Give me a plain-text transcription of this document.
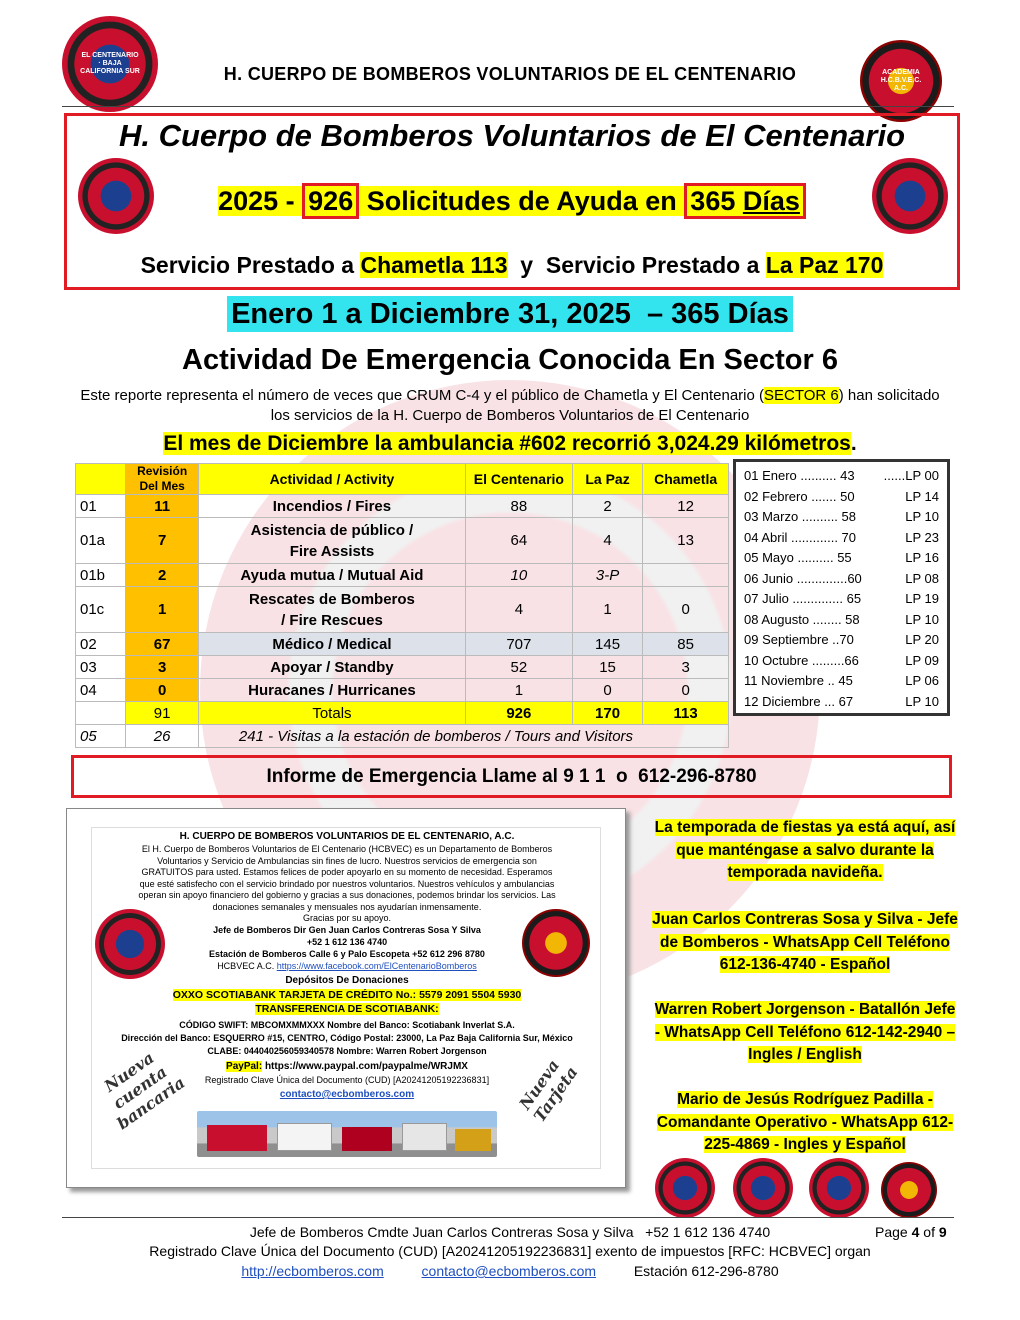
EL CENTENARIO · BAJA CALIFORNIA SUR	H. CUERPO DE BOMBEROS VOLUNTARIOS DE EL CENTENARIO	ACADEMIA H.C.B.V.E.C. A.C.
H. Cuerpo de Bomberos Voluntarios de El Centenario

2025 - 926 Solicitudes de Ayuda en 365 Días
Servicio Prestado a Chametla 113  y  Servicio Prestado a La Paz 170
Enero 1 a Diciembre 31, 2025  – 365 Días
Actividad De Emergencia Conocida En Sector 6
Este reporte representa el número de veces que CRUM C-4 y el público de Chametla y El Centenario (SECTOR 6) han solicitado los servicios de la H. Cuerpo de Bomberos Voluntarios de El Centenario
El mes de Diciembre la ambulancia #602 recorrió 3,024.29 kilómetros.
	Revisión Del Mes	Actividad / Activity	El Centenario	La Paz	Chametla
01	11	Incendios / Fires	88	2	12
01a	7	Asistencia de público / Fire Assists	64	4	13
01b	2	Ayuda mutua / Mutual Aid	10	3-P	
01c	1	Rescates de Bomberos / Fire Rescues	4	1	0
02	67	Médico / Medical	707	145	85
03	3	Apoyar / Standby	52	15	3
04	0	Huracanes / Hurricanes	1	0	0
	91	Totals	926	170	113
05	26	241 - Visitas a la estación de bomberos / Tours and Visitors			
01 Enero .......... 43 ......LP 00
02 Febrero ....... 50	LP 14
03 Marzo .......... 58	LP 10
04 Abril ............. 70	LP 23
05 Mayo .......... 55	LP 16
06 Junio ..............60	LP 08
07 Julio .............. 65	LP 19
08 Augusto ........ 58	LP 10
09 Septiembre ..70	LP 20
10 Octubre .........66	LP 09
11 Noviembre .. 45	LP 06
12 Diciembre ... 67	LP 10
Informe de Emergencia Llame al 9 1 1  o  612-296-8780
H. CUERPO DE BOMBEROS VOLUNTARIOS DE EL CENTENARIO, A.C.
El H. Cuerpo de Bomberos Voluntarios de El Centenario (HCBVEC) es un Departamento de Bomberos Voluntarios y Servicio de Ambulancias sin fines de lucro. Nuestros servicios de emergencia son GRATUITOS para usted. Estamos felices de poder apoyarlo en su momento de necesidad. Esperamos que esté satisfecho con el servicio brindado por nuestros voluntarios. Nuestros vehículos y ambulancias operan sin apoyo financiero del gobierno y gracias a sus donaciones, podemos brindar los servicios. Las donaciones semanales y mensuales nos ayudarían inmensamente.
Gracias por su apoyo.
Jefe de Bomberos Dir Gen Juan Carlos Contreras Sosa Y Silva
+52 1 612 136 4740
Estación de Bomberos Calle 6 y Palo Escopeta +52 612 296 8780
HCBVEC A.C. https://www.facebook.com/ElCentenarioBomberos
Depósitos De Donaciones
OXXO SCOTIABANK TARJETA DE CRÉDITO No.: 5579 2091 5504 5930
TRANSFERENCIA DE SCOTIABANK:
CÓDIGO SWIFT: MBCOMXMMXXX Nombre del Banco: Scotiabank Inverlat S.A.
Dirección del Banco: ESQUERRO #15, CENTRO, Código Postal: 23000, La Paz Baja California Sur, México
CLABE: 044040256059340578 Nombre: Warren Robert Jorgenson
PayPal: https://www.paypal.com/paypalme/WRJMX
Registrado Clave Única del Documento (CUD) [A20241205192236831]
contacto@ecbomberos.com
Nueva cuenta bancaria	Nueva Tarjeta
La temporada de fiestas ya está aquí, así que manténgase a salvo durante la temporada navideña.
Juan Carlos Contreras Sosa y Silva - Jefe de Bomberos - WhatsApp Cell Teléfono 612-136-4740 - Español
Warren Robert Jorgenson - Batallón Jefe - WhatsApp Cell Teléfono 612-142-2940 – Ingles / English
Mario de Jesús Rodríguez Padilla - Comandante Operativo - WhatsApp 612-225-4869 - Ingles y Español
Jefe de Bomberos Cmdte Juan Carlos Contreras Sosa y Silva   +52 1 612 136 4740	Page 4 of 9
Registrado Clave Única del Documento (CUD) [A20241205192236831] exento de impuestos [RFC: HCBVEC] organ
http://ecbomberos.com	contacto@ecbomberos.com	Estación 612-296-8780
